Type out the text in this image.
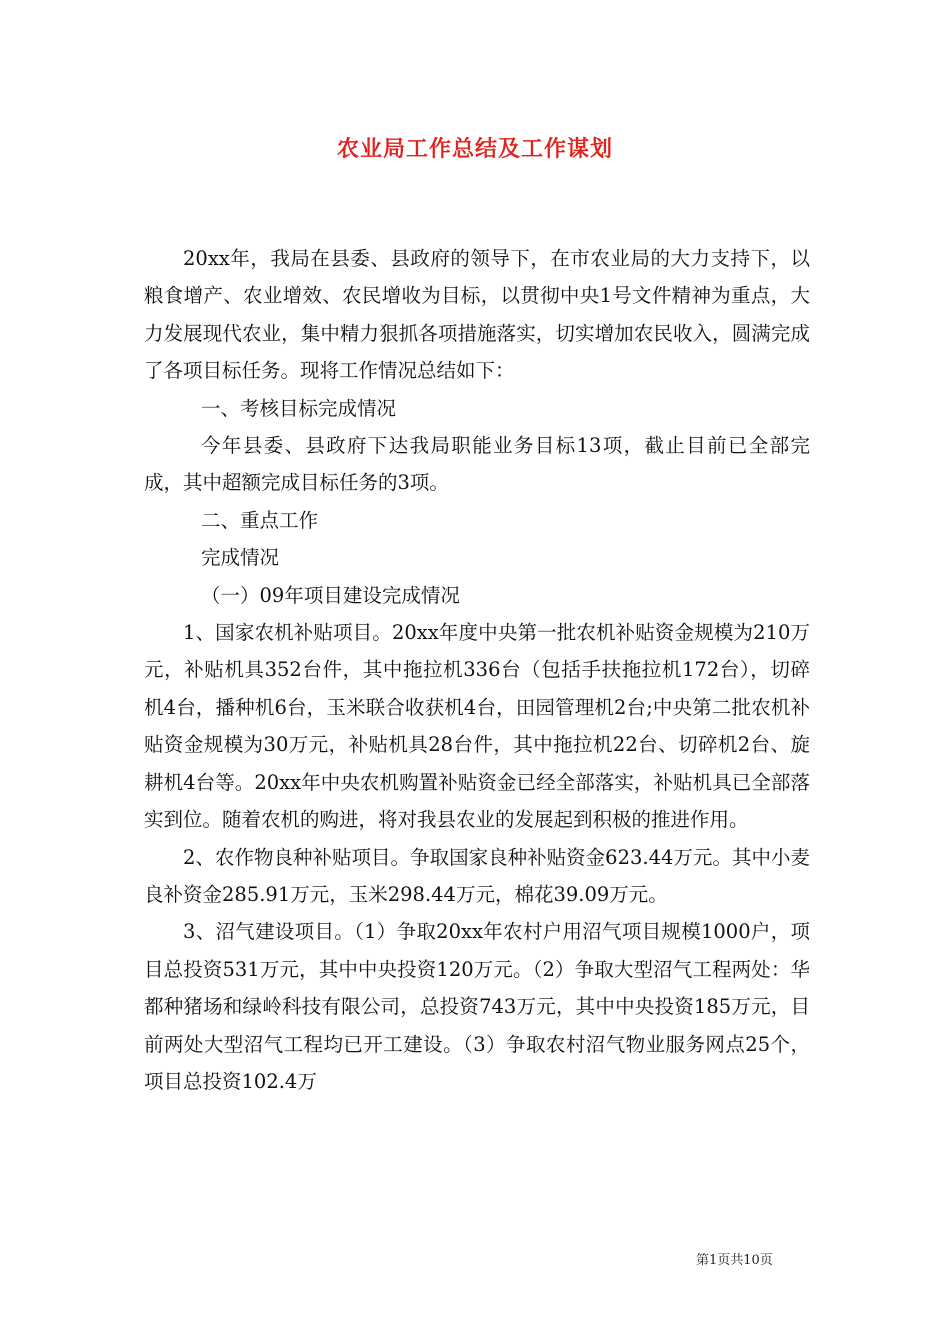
农业局工作总结及工作谋划

20xx年，我局在县委、县政府的领导下，在市农业局的大力支持下，以粮食增产、农业增效、农民增收为目标，以贯彻中央1号文件精神为重点，大力发展现代农业，集中精力狠抓各项措施落实，切实增加农民收入，圆满完成了各项目标任务。现将工作情况总结如下：

一、考核目标完成情况

今年县委、县政府下达我局职能业务目标13项，截止目前已全部完成，其中超额完成目标任务的3项。

二、重点工作

完成情况

（一）09年项目建设完成情况

1、国家农机补贴项目。20xx年度中央第一批农机补贴资金规模为210万元，补贴机具352台件，其中拖拉机336台（包括手扶拖拉机172台），切碎机4台，播种机6台，玉米联合收获机4台，田园管理机2台;中央第二批农机补贴资金规模为30万元，补贴机具28台件，其中拖拉机22台、切碎机2台、旋耕机4台等。20xx年中央农机购置补贴资金已经全部落实，补贴机具已全部落实到位。随着农机的购进，将对我县农业的发展起到积极的推进作用。

2、农作物良种补贴项目。争取国家良种补贴资金623.44万元。其中小麦良补资金285.91万元，玉米298.44万元，棉花39.09万元。

3、沼气建设项目。（1）争取20xx年农村户用沼气项目规模1000户，项目总投资531万元，其中中央投资120万元。（2）争取大型沼气工程两处：华都种猪场和绿岭科技有限公司，总投资743万元，其中中央投资185万元，目前两处大型沼气工程均已开工建设。（3）争取农村沼气物业服务网点25个，项目总投资102.4万

第1页共10页
